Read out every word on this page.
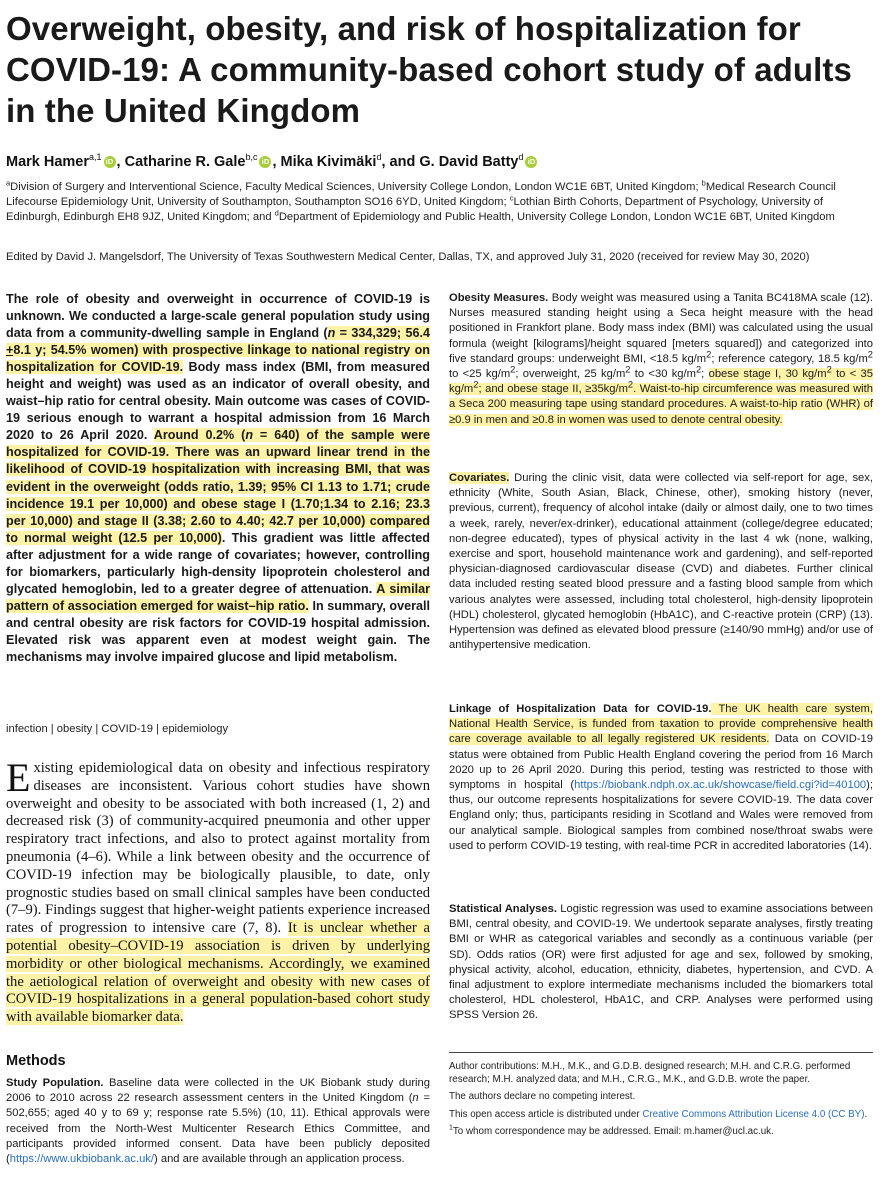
Overweight, obesity, and risk of hospitalization for COVID-19: A community-based cohort study of adults in the United Kingdom
Mark Hamer$^{a,1}$ iD , Catharine R. Gale$^{b,c}$ iD , Mika Kivimäki$^d$, and G. David Batty$^d$ iD
$^a$Division of Surgery and Interventional Science, Faculty Medical Sciences, University College London, London WC1E 6BT, United Kingdom; $^b$Medical Research Council Lifecourse Epidemiology Unit, University of Southampton, Southampton SO16 6YD, United Kingdom; $^c$Lothian Birth Cohorts, Department of Psychology, University of Edinburgh, Edinburgh EH8 9JZ, United Kingdom; and $^d$Department of Epidemiology and Public Health, University College London, London WC1E 6BT, United Kingdom
Edited by David J. Mangelsdorf, The University of Texas Southwestern Medical Center, Dallas, TX, and approved July 31, 2020 (received for review May 30, 2020)
The role of obesity and overweight in occurrence of COVID-19 is unknown. We conducted a large-scale general population study using data from a community-dwelling sample in England (n = 334,329; 56.4 +8.1 y; 54.5% women) with prospective linkage to national registry on hospitalization for COVID-19. Body mass index (BMI, from measured height and weight) was used as an indicator of overall obesity, and waist–hip ratio for central obesity. Main outcome was cases of COVID-19 serious enough to warrant a hospital admission from 16 March 2020 to 26 April 2020. Around 0.2% (n = 640) of the sample were hospitalized for COVID-19. There was an upward linear trend in the likelihood of COVID-19 hospitalization with increasing BMI, that was evident in the overweight (odds ratio, 1.39; 95% CI 1.13 to 1.71; crude incidence 19.1 per 10,000) and obese stage I (1.70;1.34 to 2.16; 23.3 per 10,000) and stage II (3.38; 2.60 to 4.40; 42.7 per 10,000) compared to normal weight (12.5 per 10,000). This gradient was little affected after adjustment for a wide range of covariates; however, controlling for biomarkers, particularly high-density lipoprotein cholesterol and glycated hemoglobin, led to a greater degree of attenuation. A similar pattern of association emerged for waist–hip ratio. In summary, overall and central obesity are risk factors for COVID-19 hospital admission. Elevated risk was apparent even at modest weight gain. The mechanisms may involve impaired glucose and lipid metabolism.
infection | obesity | COVID-19 | epidemiology
Existing epidemiological data on obesity and infectious respiratory diseases are inconsistent. Various cohort studies have shown overweight and obesity to be associated with both increased (1, 2) and decreased risk (3) of community-acquired pneumonia and other upper respiratory tract infections, and also to protect against mortality from pneumonia (4–6). While a link between obesity and the occurrence of COVID-19 infection may be biologically plausible, to date, only prognostic studies based on small clinical samples have been conducted (7–9). Findings suggest that higher-weight patients experience increased rates of progression to intensive care (7, 8). It is unclear whether a potential obesity–COVID-19 association is driven by underlying morbidity or other biological mechanisms. Accordingly, we examined the aetiological relation of overweight and obesity with new cases of COVID-19 hospitalizations in a general population-based cohort study with available biomarker data.
Methods
Study Population. Baseline data were collected in the UK Biobank study during 2006 to 2010 across 22 research assessment centers in the United Kingdom (n = 502,655; aged 40 y to 69 y; response rate 5.5%) (10, 11). Ethical approvals were received from the North-West Multicenter Research Ethics Committee, and participants provided informed consent. Data have been publicly deposited (https://www.ukbiobank.ac.uk/) and are available through an application process.
Obesity Measures. Body weight was measured using a Tanita BC418MA scale (12). Nurses measured standing height using a Seca height measure with the head positioned in Frankfort plane. Body mass index (BMI) was calculated using the usual formula (weight [kilograms]/height squared [meters squared]) and categorized into five standard groups: underweight BMI, <18.5 $kg/m^2$; reference category, 18.5 $kg/m^2$ to <25 $kg/m^2$; overweight, 25 $kg/m^2$ to <30 $kg/m^2$; obese stage I, 30 $kg/m^2$ to < 35 $kg/m^2$; and obese stage II, $\ge 35kg/m^2$. Waist-to-hip circumference was measured with a Seca 200 measuring tape using standard procedures. A waist-to-hip ratio (WHR) of ≥0.9 in men and ≥0.8 in women was used to denote central obesity.
Covariates. During the clinic visit, data were collected via self-report for age, sex, ethnicity (White, South Asian, Black, Chinese, other), smoking history (never, previous, current), frequency of alcohol intake (daily or almost daily, one to two times a week, rarely, never/ex-drinker), educational attainment (college/degree educated; non-degree educated), types of physical activity in the last 4 wk (none, walking, exercise and sport, household maintenance work and gardening), and self-reported physician-diagnosed cardiovascular disease (CVD) and diabetes. Further clinical data included resting seated blood pressure and a fasting blood sample from which various analytes were assessed, including total cholesterol, high-density lipoprotein (HDL) cholesterol, glycated hemoglobin (HbA1C), and C-reactive protein (CRP) (13). Hypertension was defined as elevated blood pressure (≥140/90 mmHg) and/or use of antihypertensive medication.
Linkage of Hospitalization Data for COVID-19. The UK health care system, National Health Service, is funded from taxation to provide comprehensive health care coverage available to all legally registered UK residents. Data on COVID-19 status were obtained from Public Health England covering the period from 16 March 2020 up to 26 April 2020. During this period, testing was restricted to those with symptoms in hospital (https://biobank.ndph.ox.ac.uk/showcase/field.cgi?id=40100); thus, our outcome represents hospitalizations for severe COVID-19. The data cover England only; thus, participants residing in Scotland and Wales were removed from our analytical sample. Biological samples from combined nose/throat swabs were used to perform COVID-19 testing, with real-time PCR in accredited laboratories (14).
Statistical Analyses. Logistic regression was used to examine associations between BMI, central obesity, and COVID-19. We undertook separate analyses, firstly treating BMI or WHR as categorical variables and secondly as a continuous variable (per SD). Odds ratios (OR) were first adjusted for age and sex, followed by smoking, physical activity, alcohol, education, ethnicity, diabetes, hypertension, and CVD. A final adjustment to explore intermediate mechanisms included the biomarkers total cholesterol, HDL cholesterol, HbA1C, and CRP. Analyses were performed using SPSS Version 26.

Author contributions: M.H., M.K., and G.D.B. designed research; M.H. and C.R.G. performed research; M.H. analyzed data; and M.H., C.R.G., M.K., and G.D.B. wrote the paper.

The authors declare no competing interest.

This open access article is distributed under Creative Commons Attribution License 4.0 (CC BY).

$^1$To whom correspondence may be addressed. Email: m.hamer@ucl.ac.uk.
